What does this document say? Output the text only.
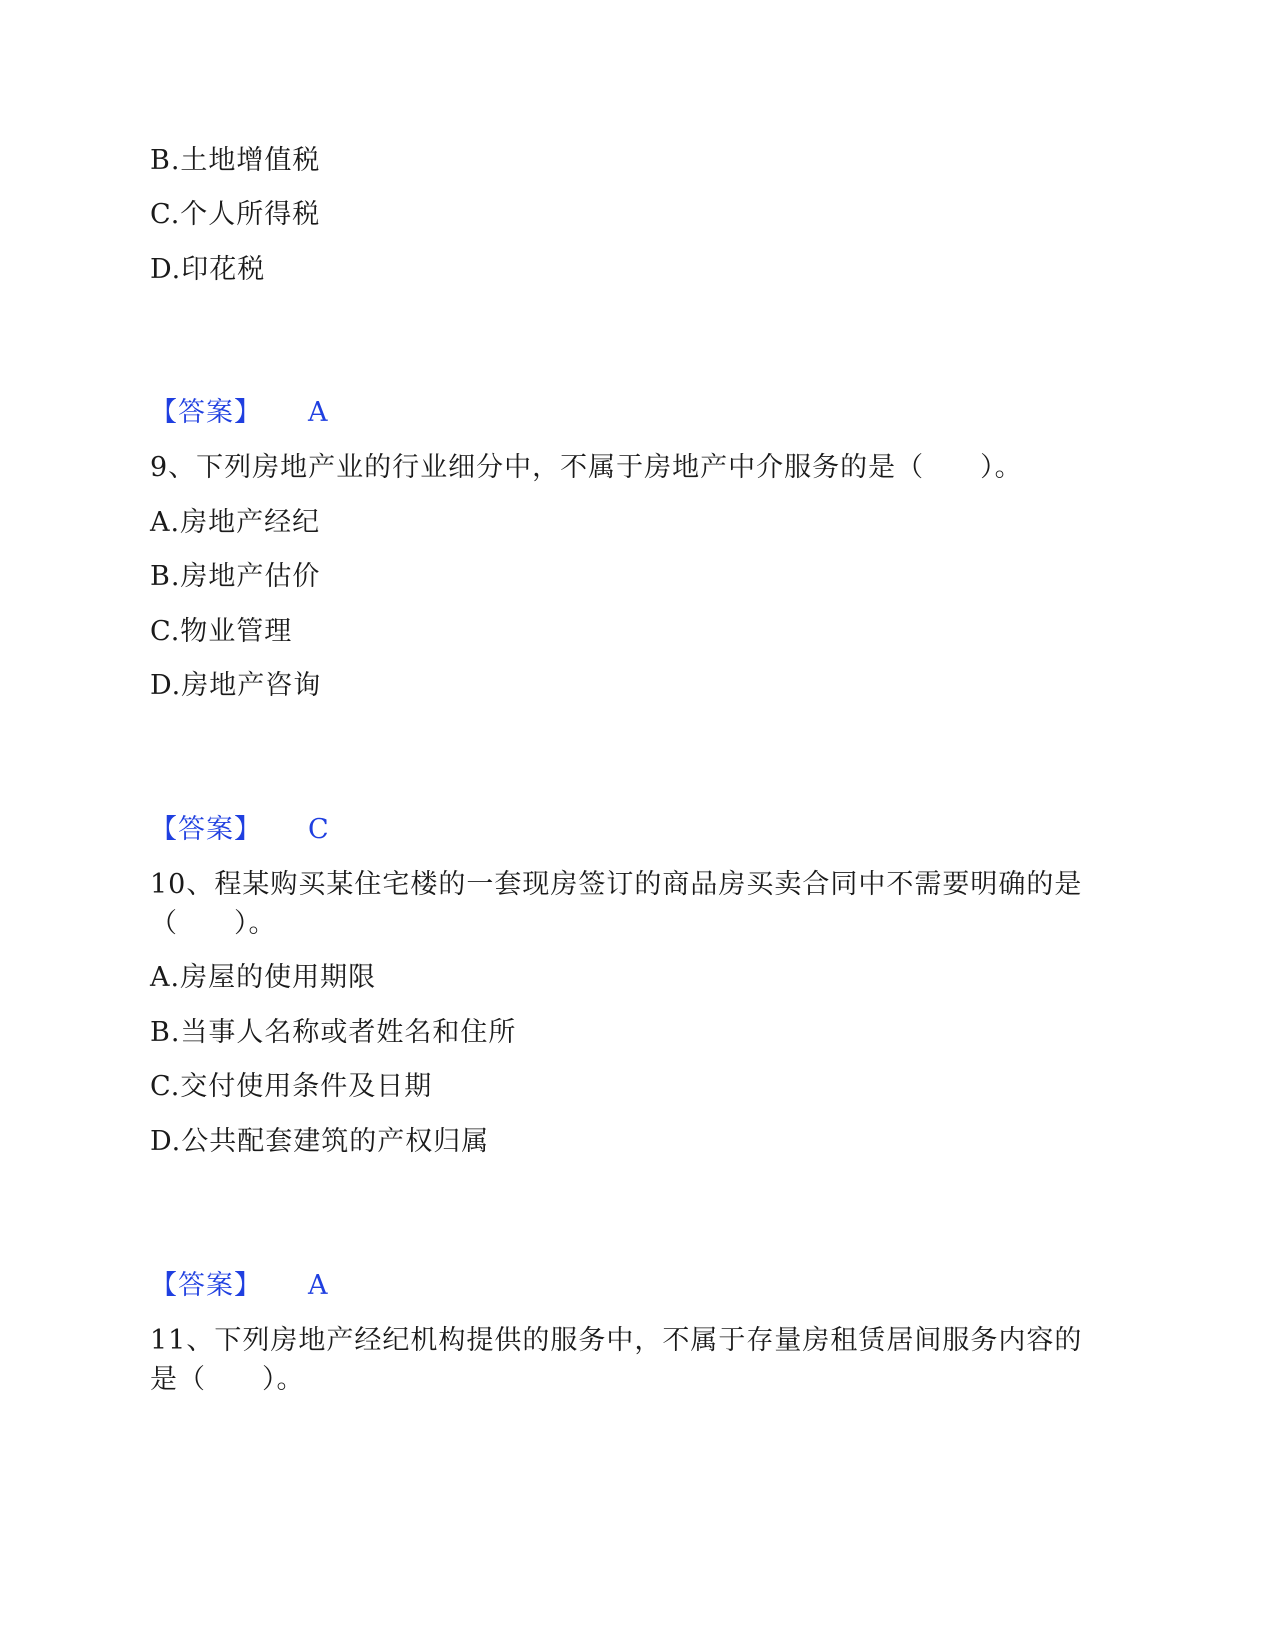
B.土地增值税
C.个人所得税
D.印花税
【答案】 A
9、下列房地产业的行业细分中，不属于房地产中介服务的是（　　）。
A.房地产经纪
B.房地产估价
C.物业管理
D.房地产咨询
【答案】 C
10、程某购买某住宅楼的一套现房签订的商品房买卖合同中不需要明确的是
（　　）。
A.房屋的使用期限
B.当事人名称或者姓名和住所
C.交付使用条件及日期
D.公共配套建筑的产权归属
【答案】 A
11、下列房地产经纪机构提供的服务中，不属于存量房租赁居间服务内容的
是（　　）。
